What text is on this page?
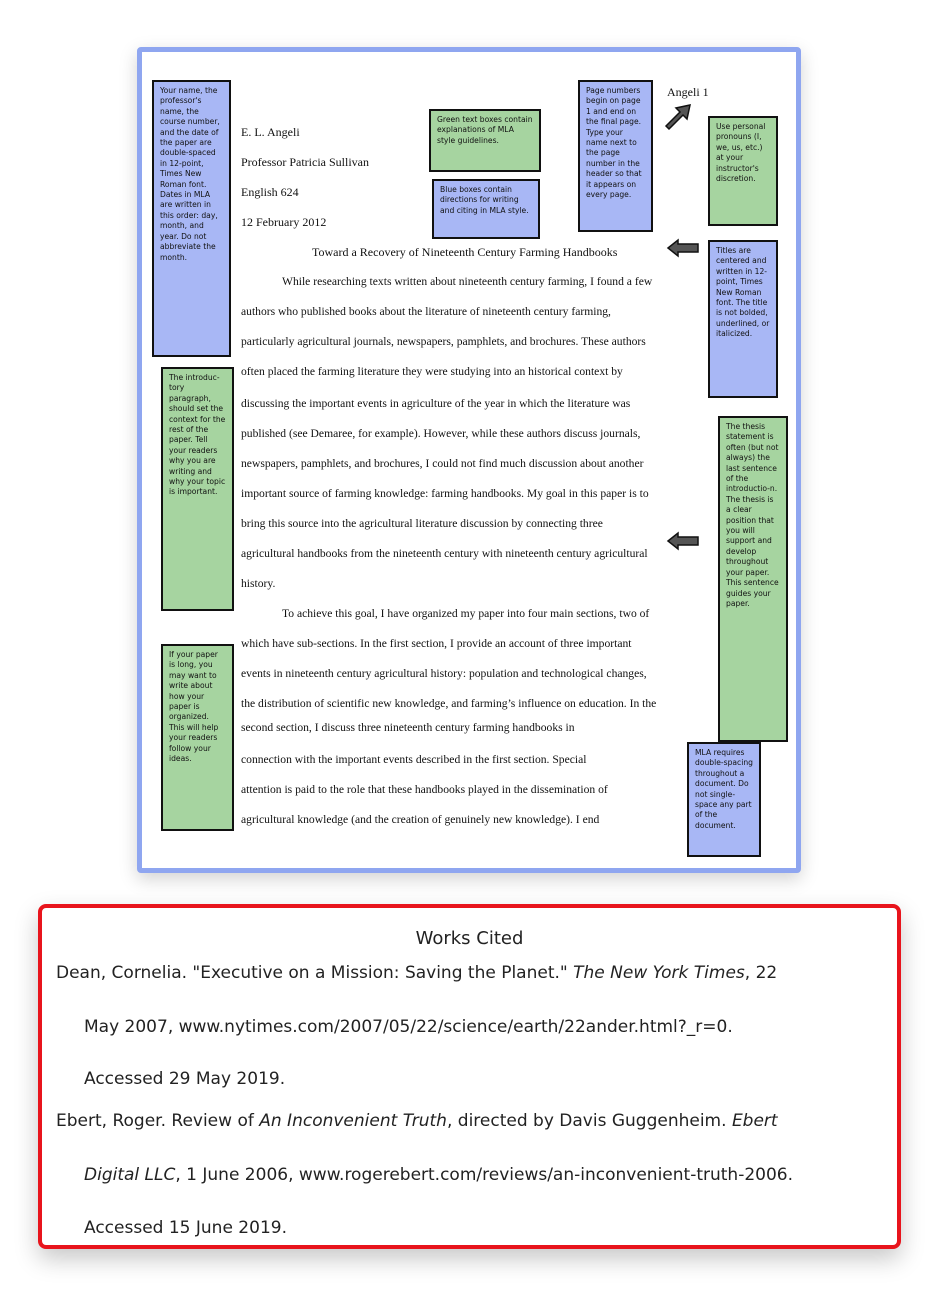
Angeli 1
E. L. Angeli
Professor Patricia Sullivan
English 624
12 February 2012
Toward a Recovery of Nineteenth Century Farming Handbooks
While researching texts written about nineteenth century farming, I found a few
authors who published books about the literature of nineteenth century farming,
particularly agricultural journals, newspapers, pamphlets, and brochures. These authors
often placed the farming literature they were studying into an historical context by
discussing the important events in agriculture of the year in which the literature was
published (see Demaree, for example). However, while these authors discuss journals,
newspapers, pamphlets, and brochures, I could not find much discussion about another
important source of farming knowledge: farming handbooks. My goal in this paper is to
bring this source into the agricultural literature discussion by connecting three
agricultural handbooks from the nineteenth century with nineteenth century agricultural
history.
To achieve this goal, I have organized my paper into four main sections, two of
which have sub-sections. In the first section, I provide an account of three important
events in nineteenth century agricultural history: population and technological changes,
the distribution of scientific new knowledge, and farming’s influence on education. In the
second section, I discuss three nineteenth century farming handbooks in
connection with the important events described in the first section. Special
attention is paid to the role that these handbooks played in the dissemination of
agricultural knowledge (and the creation of genuinely new knowledge). I end
Your name, the professor's name, the course number, and the date of the paper are double-spaced in 12-point, Times New Roman font. Dates in MLA are written in this order: day, month, and year. Do not abbreviate the month.
Green text boxes contain explanations of MLA style guidelines.
Blue boxes contain directions for writing and citing in MLA style.
Page numbers begin on page 1 and end on the final page. Type your name next to the page number in the header so that it appears on every page.
Use personal pronouns (I, we, us, etc.) at your instructor's discretion.
Titles are centered and written in 12-point, Times New Roman font. The title is not bolded, underlined, or italicized.
The introduc-tory paragraph, should set the context for the rest of the paper. Tell your readers why you are writing and why your topic is important.
The thesis statement is often (but not always) the last sentence of the introductio-n. The thesis is a clear position that you will support and develop throughout your paper. This sentence guides your paper.
If your paper is long, you may want to write about how your paper is organized. This will help your readers follow your ideas.
MLA requires double-spacing throughout a document. Do not single-space any part of the document.
Works Cited
Dean, Cornelia. "Executive on a Mission: Saving the Planet." The New York Times, 22
May 2007, www.nytimes.com/2007/05/22/science/earth/22ander.html?_r=0.
Accessed 29 May 2019.
Ebert, Roger. Review of An Inconvenient Truth, directed by Davis Guggenheim. Ebert
Digital LLC, 1 June 2006, www.rogerebert.com/reviews/an-inconvenient-truth-2006.
Accessed 15 June 2019.
